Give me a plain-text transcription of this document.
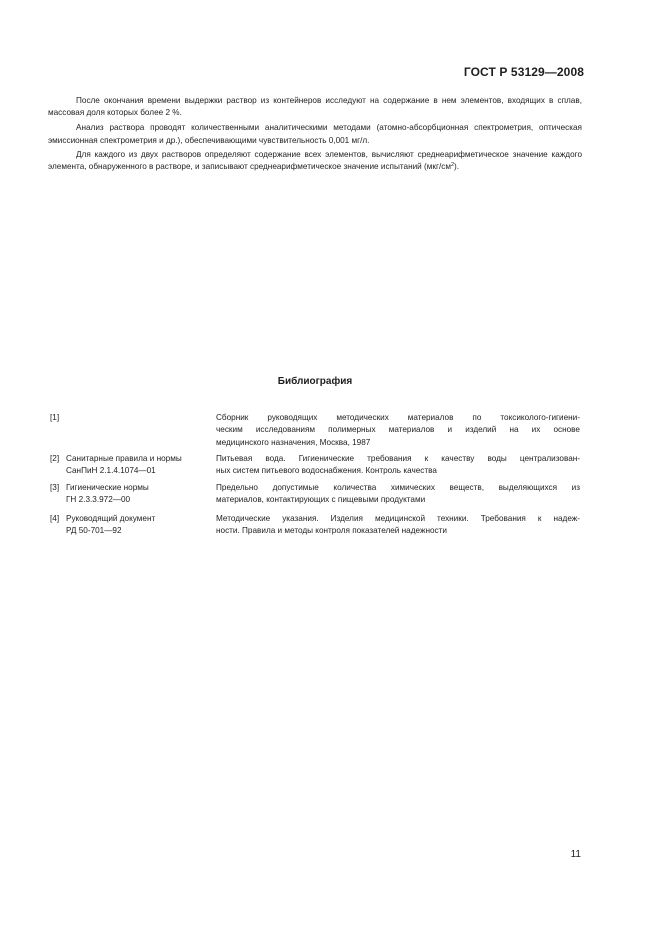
ГОСТ Р 53129—2008

После окончания времени выдержки раствор из контейнеров исследуют на содержание в нем элементов, входящих в сплав, массовая доля которых более 2 %.

Анализ раствора проводят количественными аналитическими методами (атомно-абсорбционная спектрометрия, оптическая эмиссионная спектрометрия и др.), обеспечивающими чувствительность 0,001 мг/л.

Для каждого из двух растворов определяют содержание всех элементов, вычисляют среднеарифметическое значение каждого элемента, обнаруженного в растворе, и записывают среднеарифметическое значение испытаний $(мкг/см^2)$.

Библиография
[1]	Сборник руководящих методических материалов по токсиколого-гигиени-
ческим исследованиям полимерных материалов и изделий на их основе
медицинского назначения, Москва, 1987
[2] Санитарные правила и нормы
СанПиН 2.1.4.1074—01
Питьевая вода. Гигиенические требования к качеству воды централизован-
ных систем питьевого водоснабжения. Контроль качества
[3] Гигиенические нормы
ГН 2.3.3.972—00
Предельно допустимые количества химических веществ, выделяющихся из
материалов, контактирующих с пищевыми продуктами
[4] Руководящий документ
РД 50-701—92
Методические указания. Изделия медицинской техники. Требования к надеж-
ности. Правила и методы контроля показателей надежности
11
